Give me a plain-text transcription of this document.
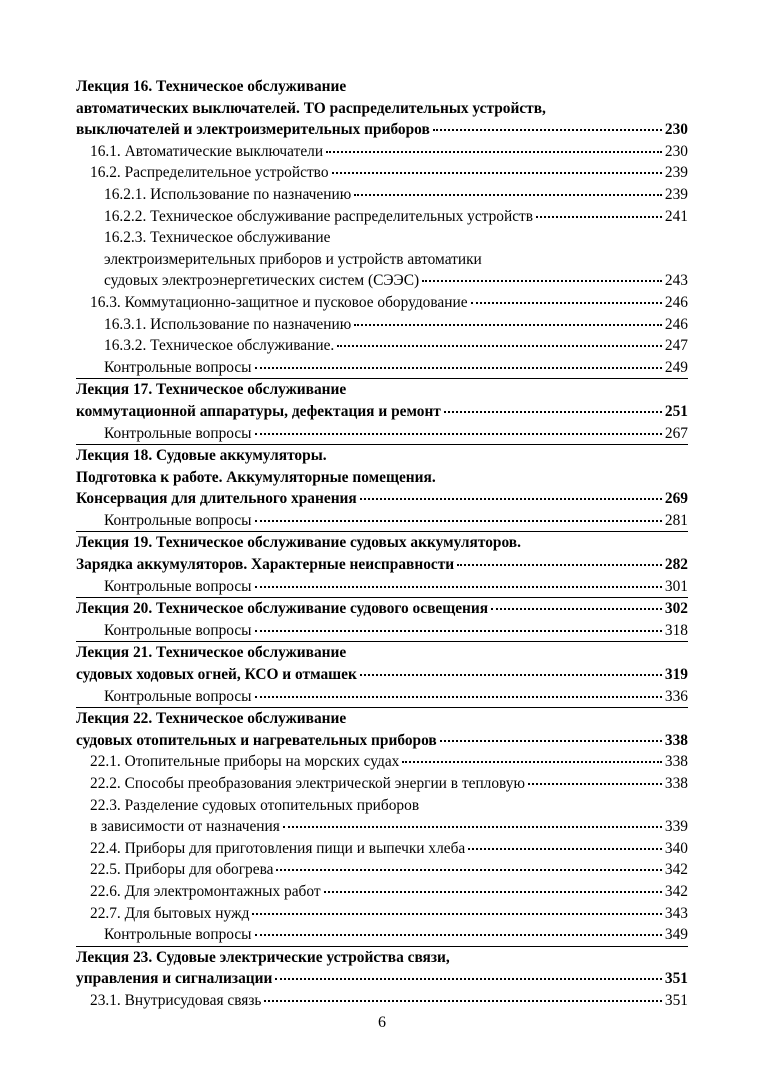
Лекция 16. Техническое обслуживание
автоматических выключателей. ТО распределительных устройств,
выключателей и электроизмерительных приборов	230
16.1. Автоматические выключатели	230
16.2. Распределительное устройство	239
16.2.1. Использование по назначению	239
16.2.2. Техническое обслуживание распределительных устройств	241
16.2.3. Техническое обслуживание
электроизмерительных приборов и устройств автоматики
судовых электроэнергетических систем (СЭЭС)	243
16.3. Коммутационно-защитное и пусковое оборудование	246
16.3.1. Использование по назначению	246
16.3.2. Техническое обслуживание.	247
Контрольные вопросы	249
Лекция 17. Техническое обслуживание
коммутационной аппаратуры, дефектация и ремонт	251
Контрольные вопросы	267
Лекция 18. Судовые аккумуляторы.
Подготовка к работе. Аккумуляторные помещения.
Консервация для длительного хранения	269
Контрольные вопросы	281
Лекция 19. Техническое обслуживание судовых аккумуляторов.
Зарядка аккумуляторов. Характерные неисправности	282
Контрольные вопросы	301
Лекция 20. Техническое обслуживание судового освещения	302
Контрольные вопросы	318
Лекция 21. Техническое обслуживание
судовых ходовых огней, КСО и отмашек	319
Контрольные вопросы	336
Лекция 22. Техническое обслуживание
судовых отопительных и нагревательных приборов	338
22.1. Отопительные приборы на морских судах	338
22.2. Способы преобразования электрической энергии в тепловую	338
22.3. Разделение судовых отопительных приборов
в зависимости от назначения	339
22.4. Приборы для приготовления пищи и выпечки хлеба	340
22.5. Приборы для обогрева	342
22.6. Для электромонтажных работ	342
22.7. Для бытовых нужд	343
Контрольные вопросы	349
Лекция 23. Судовые электрические устройства связи,
управления и сигнализации	351
23.1. Внутрисудовая связь	351
6
